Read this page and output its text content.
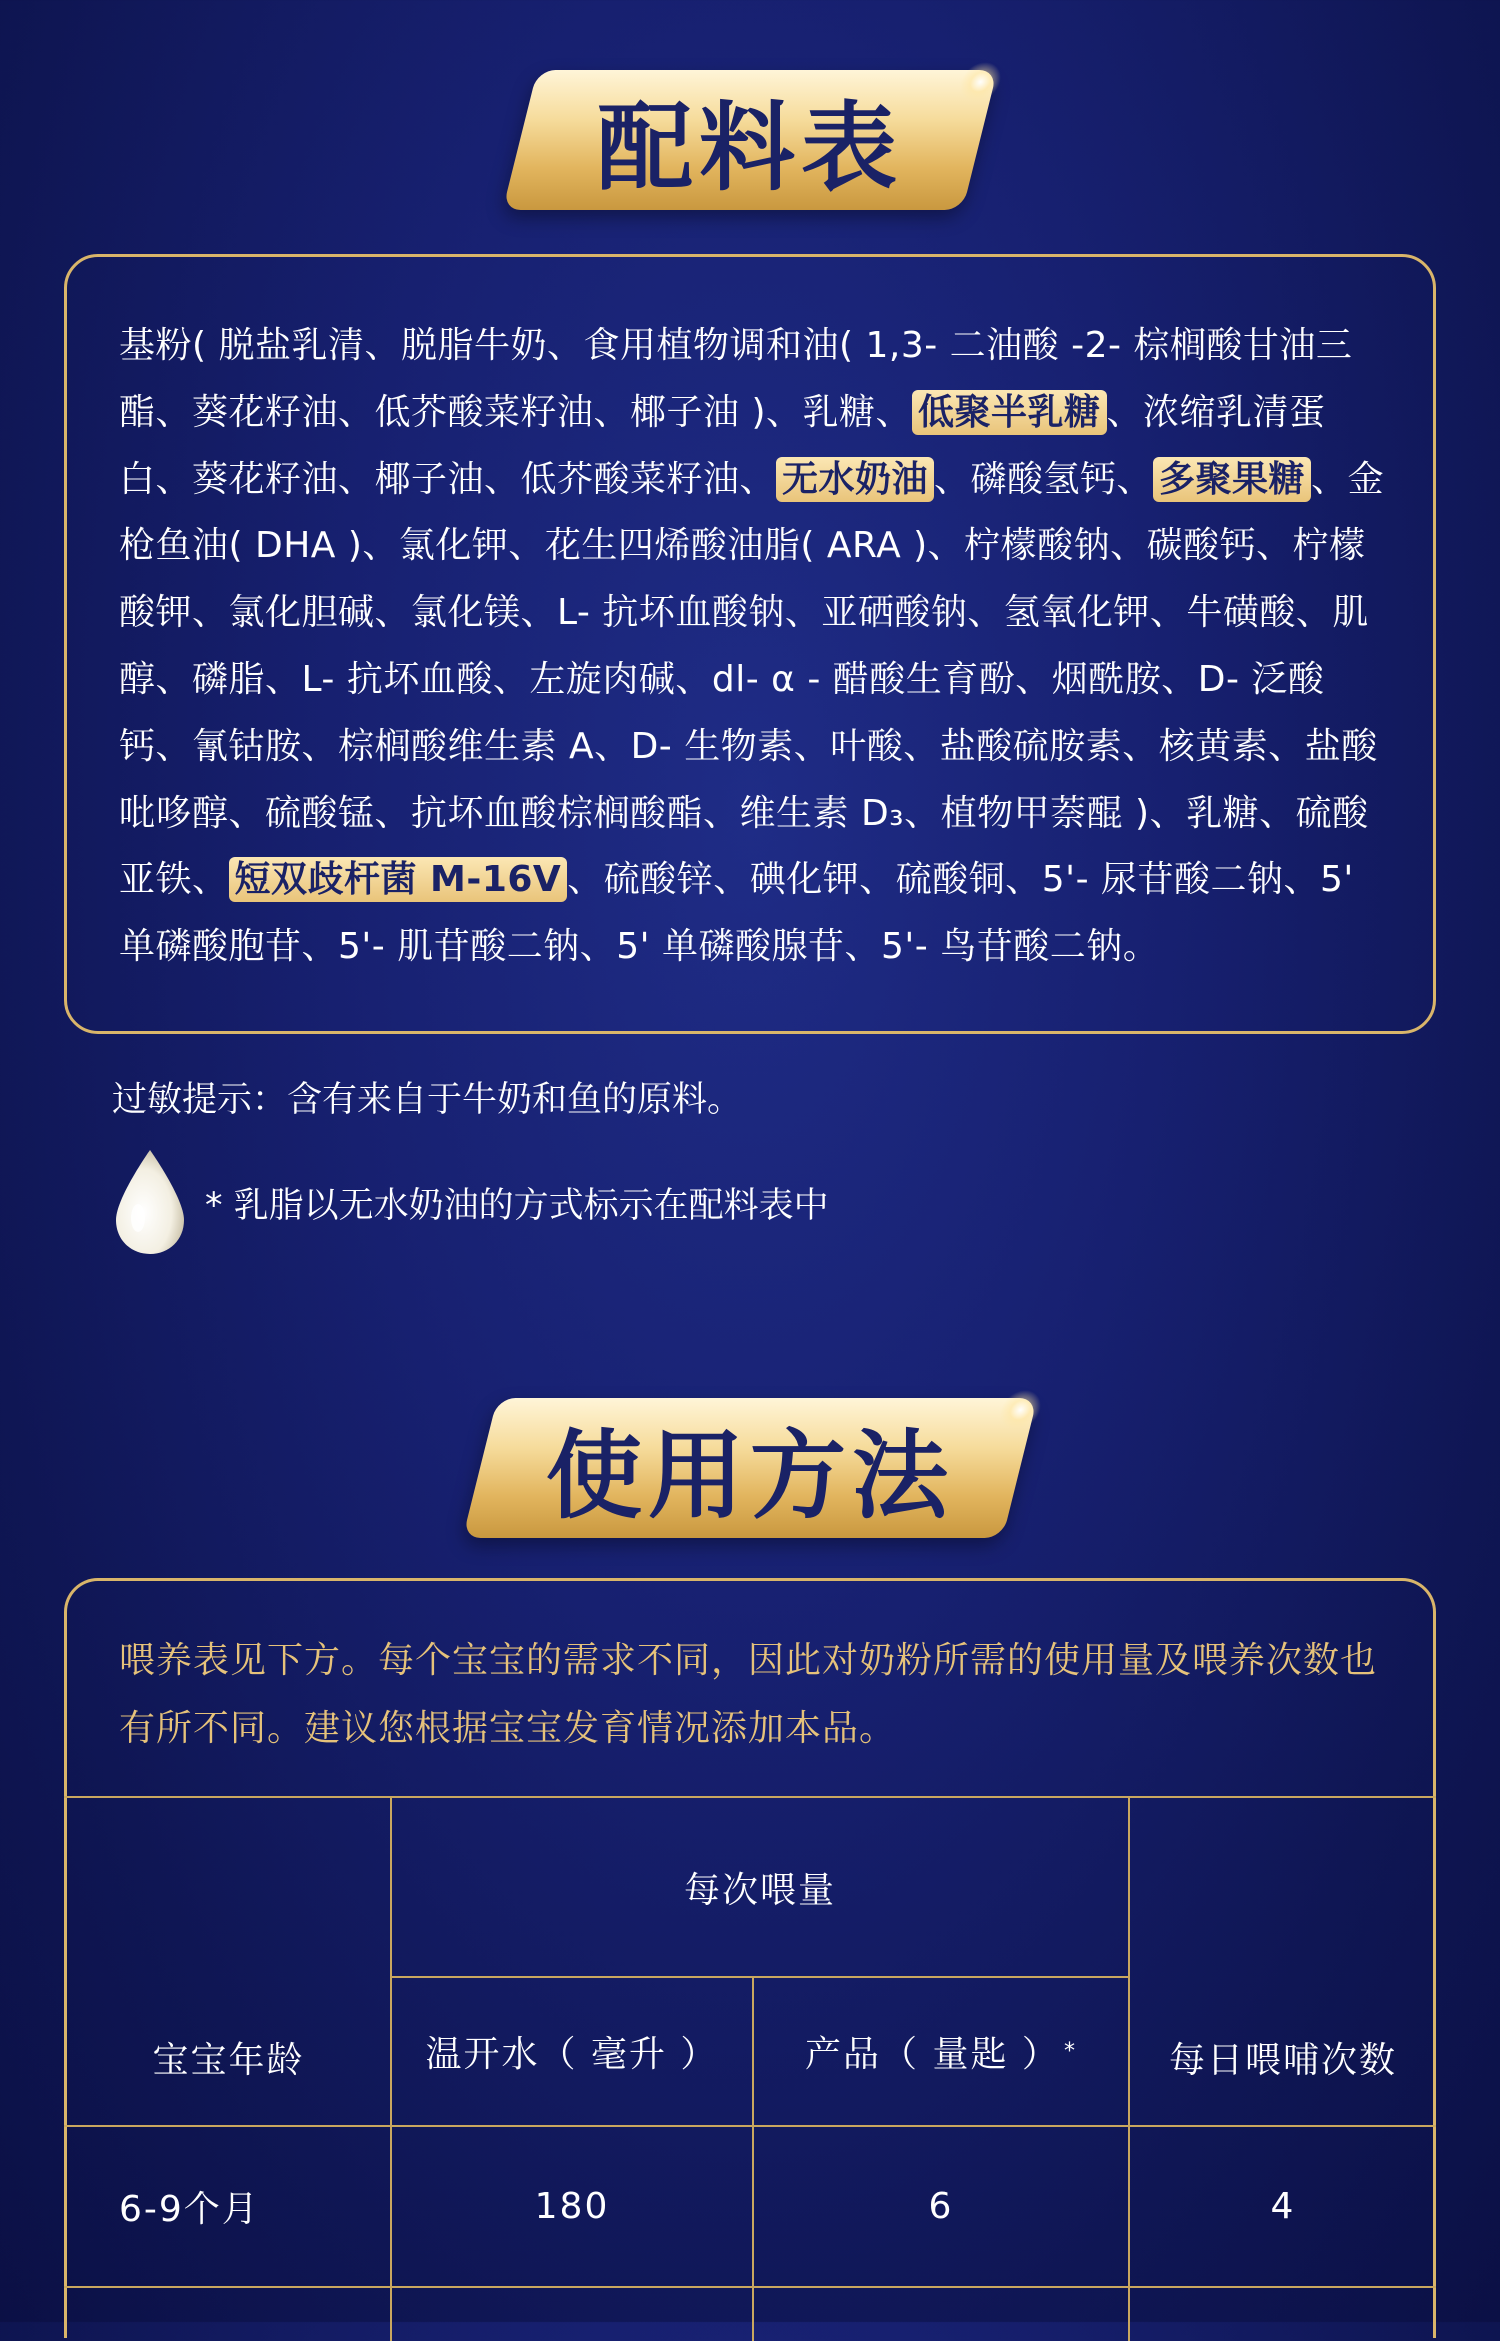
配料表
基粉( 脱盐乳清、脱脂牛奶、食用植物调和油( 1,3- 二油酸 -2- 棕榈酸甘油三酯、葵花籽油、低芥酸菜籽油、椰子油 )、乳糖、 低聚半乳糖 、浓缩乳清蛋白、葵花籽油、椰子油、低芥酸菜籽油、 无水奶油 、磷酸氢钙、 多聚果糖 、金枪鱼油( DHA )、氯化钾、花生四烯酸油脂( ARA )、柠檬酸钠、碳酸钙、柠檬酸钾、氯化胆碱、氯化镁、L- 抗坏血酸钠、亚硒酸钠、氢氧化钾、牛磺酸、肌醇、磷脂、L- 抗坏血酸、左旋肉碱、dl- α - 醋酸生育酚、烟酰胺、D- 泛酸钙、氰钴胺、棕榈酸维生素 A、D- 生物素、叶酸、盐酸硫胺素、核黄素、盐酸吡哆醇、硫酸锰、抗坏血酸棕榈酸酯、维生素 D₃、植物甲萘醌 )、乳糖、硫酸亚铁、 短双歧杆菌 M-16V 、硫酸锌、碘化钾、硫酸铜、5'- 尿苷酸二钠、5' 单磷酸胞苷、5'- 肌苷酸二钠、5' 单磷酸腺苷、5'- 鸟苷酸二钠。
过敏提示：含有来自于牛奶和鱼的原料。
* 乳脂以无水奶油的方式标示在配料表中
使用方法
喂养表见下方。每个宝宝的需求不同，因此对奶粉所需的使用量及喂养次数也有所不同。建议您根据宝宝发育情况添加本品。
宝宝年龄
每次喂量
温开水（ 毫升 ）	产品（ 量匙 ） *	每日喂哺次数
6-9个月	180	6	4
